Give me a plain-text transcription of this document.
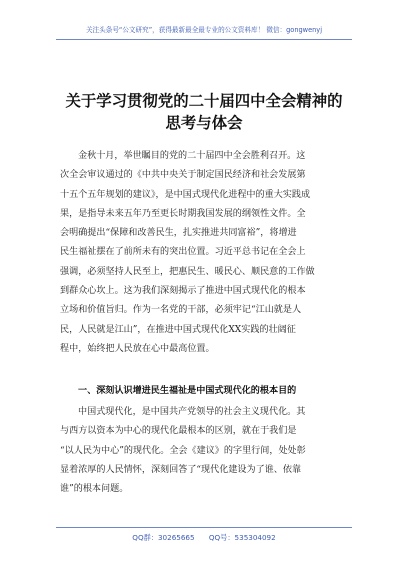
关注头条号“公文研究”，获得最新最全最专业的公文资料库！ 微信：gongwenyj
关于学习贯彻党的二十届四中全会精神的
思考与体会
金秋十月，举世瞩目的党的二十届四中全会胜利召开。这
次全会审议通过的《中共中央关于制定国民经济和社会发展第
十五个五年规划的建议》，是中国式现代化进程中的重大实践成
果，是指导未来五年乃至更长时期我国发展的纲领性文件。全
会明确提出“保障和改善民生，扎实推进共同富裕”，将增进
民生福祉摆在了前所未有的突出位置。习近平总书记在全会上
强调，必须坚持人民至上，把惠民生、暖民心、顺民意的工作做
到群众心坎上。这为我们深刻揭示了推进中国式现代化的根本
立场和价值旨归。作为一名党的干部，必须牢记“江山就是人
民，人民就是江山”，在推进中国式现代化XX实践的壮阔征
程中，始终把人民放在心中最高位置。
一、深刻认识增进民生福祉是中国式现代化的根本目的
中国式现代化，是中国共产党领导的社会主义现代化。其
与西方以资本为中心的现代化最根本的区别，就在于我们是
“以人民为中心”的现代化。全会《建议》的字里行间，处处彰
显着浓厚的人民情怀，深刻回答了“现代化建设为了谁、依靠
谁”的根本问题。
QQ群：30265665 QQ号：535304092
